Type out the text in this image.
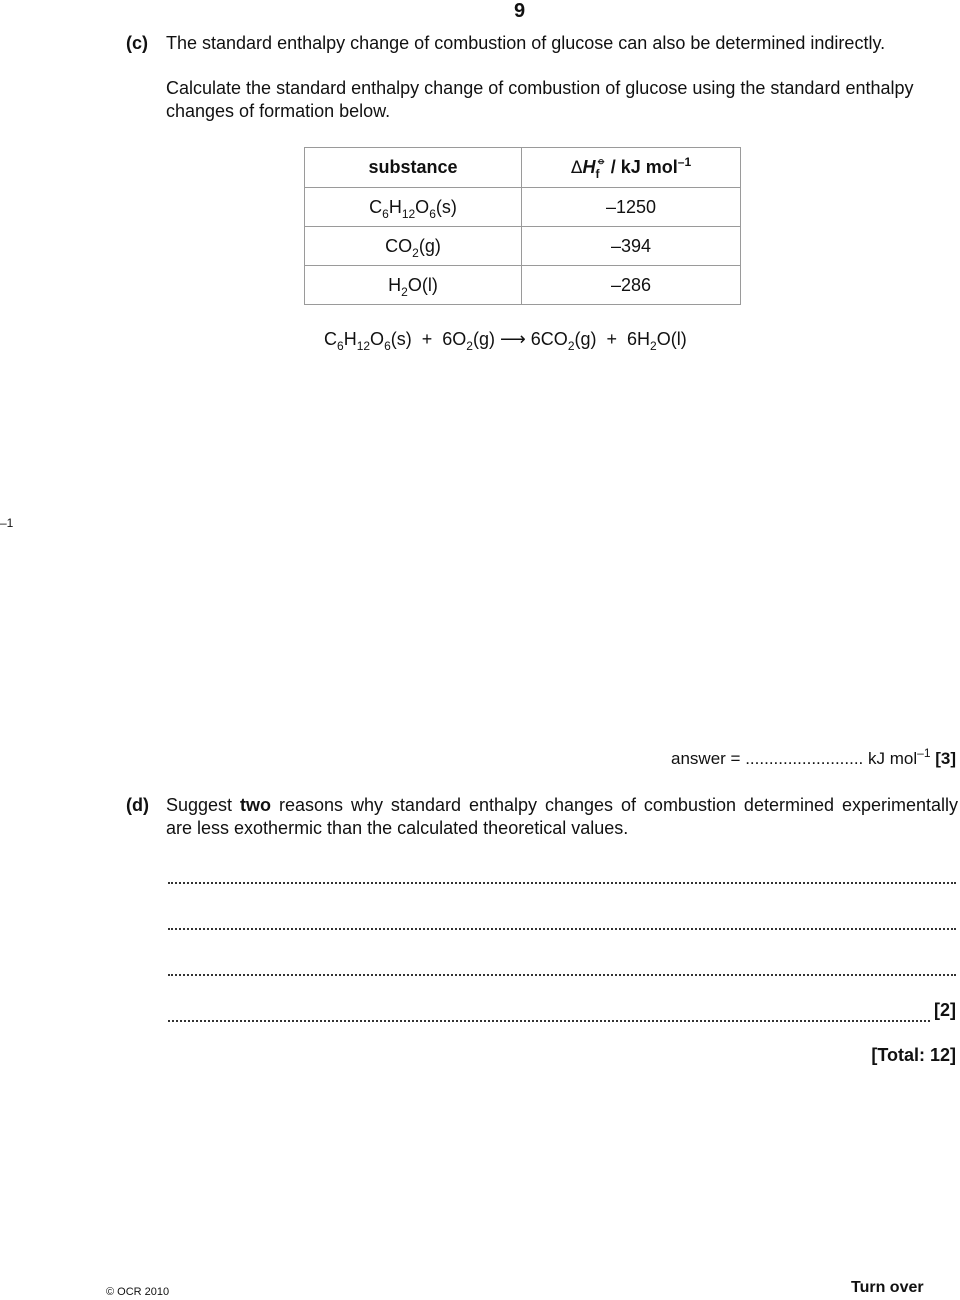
9
(c) The standard enthalpy change of combustion of glucose can also be determined indirectly.
Calculate the standard enthalpy change of combustion of glucose using the standard enthalpy changes of formation below.
substance	$\Delta H_f^⦵$ / kJ mol$^{-1}$
$C_6H_{12}O_6(s)$	–1250
$CO_2(g)$	–394
$H_2O(l)$	–286
$C_6H_{12}O_6(s) + 6O_2(g)$ ⟶ $6CO_2(g) + 6H_2O(l)$
–1
answer = ......................... kJ mol$^{-1}$ [3]
(d) Suggest two reasons why standard enthalpy changes of combustion determined experimentally are less exothermic than the calculated theoretical values.
[2]
[Total: 12]
© OCR 2010	Turn over
